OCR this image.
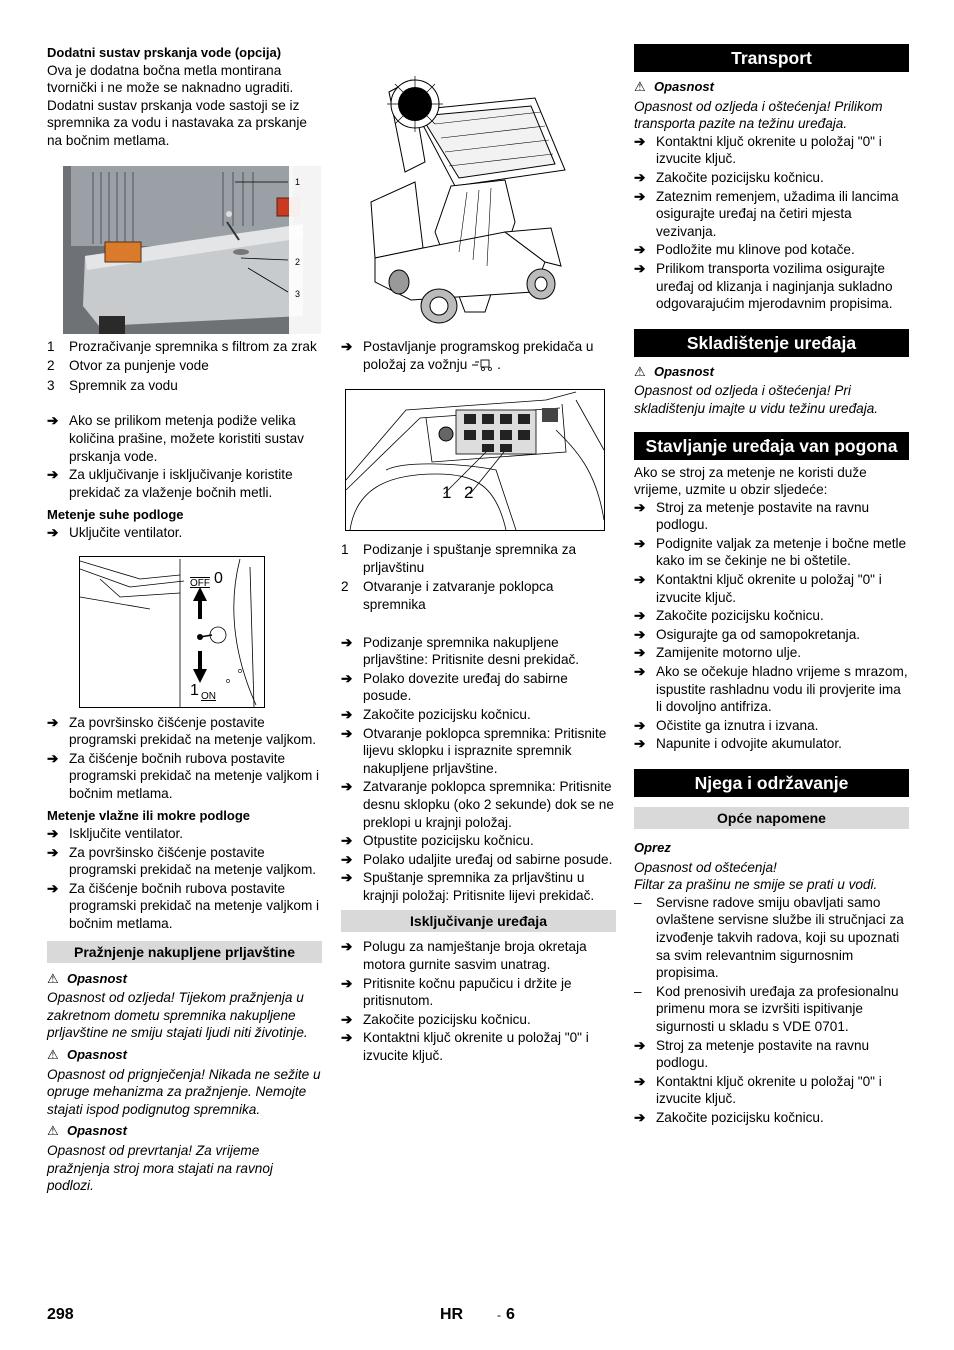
Dodatni sustav prskanja vode (opcija)

Ova je dodatna bočna metla montirana tvornički i ne može se naknadno ugraditi. Dodatni sustav prskanja vode sastoji se iz spremnika za vodu i nastavaka za prskanje na bočnim metlama.

1
2
3

1 Prozračivanje spremnika s filtrom za zrak

2 Otvor za punjenje vode

3 Spremnik za vodu

➔ Ako se prilikom metenja podiže velika količina prašine, možete koristiti sustav prskanja vode.

➔ Za uključivanje i isključivanje koristite prekidač za vlaženje bočnih metli.

Metenje suhe podloge

➔ Uključite ventilator.

OFF 0
1 ON

➔ Za površinsko čišćenje postavite programski prekidač na metenje valjkom.

➔ Za čišćenje bočnih rubova postavite programski prekidač na metenje valjkom i bočnim metlama.

Metenje vlažne ili mokre podloge

➔ Isključite ventilator.

➔ Za površinsko čišćenje postavite programski prekidač na metenje valjkom.

➔ Za čišćenje bočnih rubova postavite programski prekidač na metenje valjkom i bočnim metlama.

Pražnjenje nakupljene prljavštine

⚠ Opasnost

Opasnost od ozljeda! Tijekom pražnjenja u zakretnom dometu spremnika nakupljene prljavštine ne smiju stajati ljudi niti životinje.

⚠ Opasnost

Opasnost od prignječenja! Nikada ne sežite u opruge mehanizma za pražnjenje. Nemojte stajati ispod podignutog spremnika.

⚠ Opasnost

Opasnost od prevrtanja! Za vrijeme pražnjenja stroj mora stajati na ravnoj podlozi.

➔ Postavljanje programskog prekidača u položaj za vožnju .

1 2

1 Podizanje i spuštanje spremnika za prljavštinu

2 Otvaranje i zatvaranje poklopca spremnika

➔ Podizanje spremnika nakupljene prljavštine: Pritisnite desni prekidač.

➔ Polako dovezite uređaj do sabirne posude.

➔ Zakočite pozicijsku kočnicu.

➔ Otvaranje poklopca spremnika: Pritisnite lijevu sklopku i ispraznite spremnik nakupljene prljavštine.

➔ Zatvaranje poklopca spremnika: Pritisnite desnu sklopku (oko 2 sekunde) dok se ne preklopi u krajnji položaj.

➔ Otpustite pozicijsku kočnicu.

➔ Polako udaljite uređaj od sabirne posude.

➔ Spuštanje spremnika za prljavštinu u krajnji položaj: Pritisnite lijevi prekidač.

Isključivanje uređaja

➔ Polugu za namještanje broja okretaja motora gurnite sasvim unatrag.

➔ Pritisnite kočnu papučicu i držite je pritisnutom.

➔ Zakočite pozicijsku kočnicu.

➔ Kontaktni ključ okrenite u položaj "0" i izvucite ključ.

Transport

⚠ Opasnost

Opasnost od ozljeda i oštećenja! Prilikom transporta pazite na težinu uređaja.

➔ Kontaktni ključ okrenite u položaj "0" i izvucite ključ.

➔ Zakočite pozicijsku kočnicu.

➔ Zateznim remenjem, užadima ili lancima osigurajte uređaj na četiri mjesta vezivanja.

➔ Podložite mu klinove pod kotače.

➔ Prilikom transporta vozilima osigurajte uređaj od klizanja i naginjanja sukladno odgovarajućim mjerodavnim propisima.

Skladištenje uređaja

⚠ Opasnost

Opasnost od ozljeda i oštećenja! Pri skladištenju imajte u vidu težinu uređaja.

Stavljanje uređaja van pogona

Ako se stroj za metenje ne koristi duže vrijeme, uzmite u obzir sljedeće:

➔ Stroj za metenje postavite na ravnu podlogu.

➔ Podignite valjak za metenje i bočne metle kako im se čekinje ne bi oštetile.

➔ Kontaktni ključ okrenite u položaj "0" i izvucite ključ.

➔ Zakočite pozicijsku kočnicu.

➔ Osigurajte ga od samopokretanja.

➔ Zamijenite motorno ulje.

➔ Ako se očekuje hladno vrijeme s mrazom, ispustite rashladnu vodu ili provjerite ima li dovoljno antifriza.

➔ Očistite ga iznutra i izvana.

➔ Napunite i odvojite akumulator.

Njega i održavanje

Opće napomene

Oprez

Opasnost od oštećenja!

Filtar za prašinu ne smije se prati u vodi.

– Servisne radove smiju obavljati samo ovlaštene servisne službe ili stručnjaci za izvođenje takvih radova, koji su upoznati sa svim relevantnim sigurnosnim propisima.

– Kod prenosivih uređaja za profesionalnu primenu mora se izvršiti ispitivanje sigurnosti u skladu s VDE 0701.

➔ Stroj za metenje postavite na ravnu podlogu.

➔ Kontaktni ključ okrenite u položaj "0" i izvucite ključ.

➔ Zakočite pozicijsku kočnicu.

298	HR	- 6
